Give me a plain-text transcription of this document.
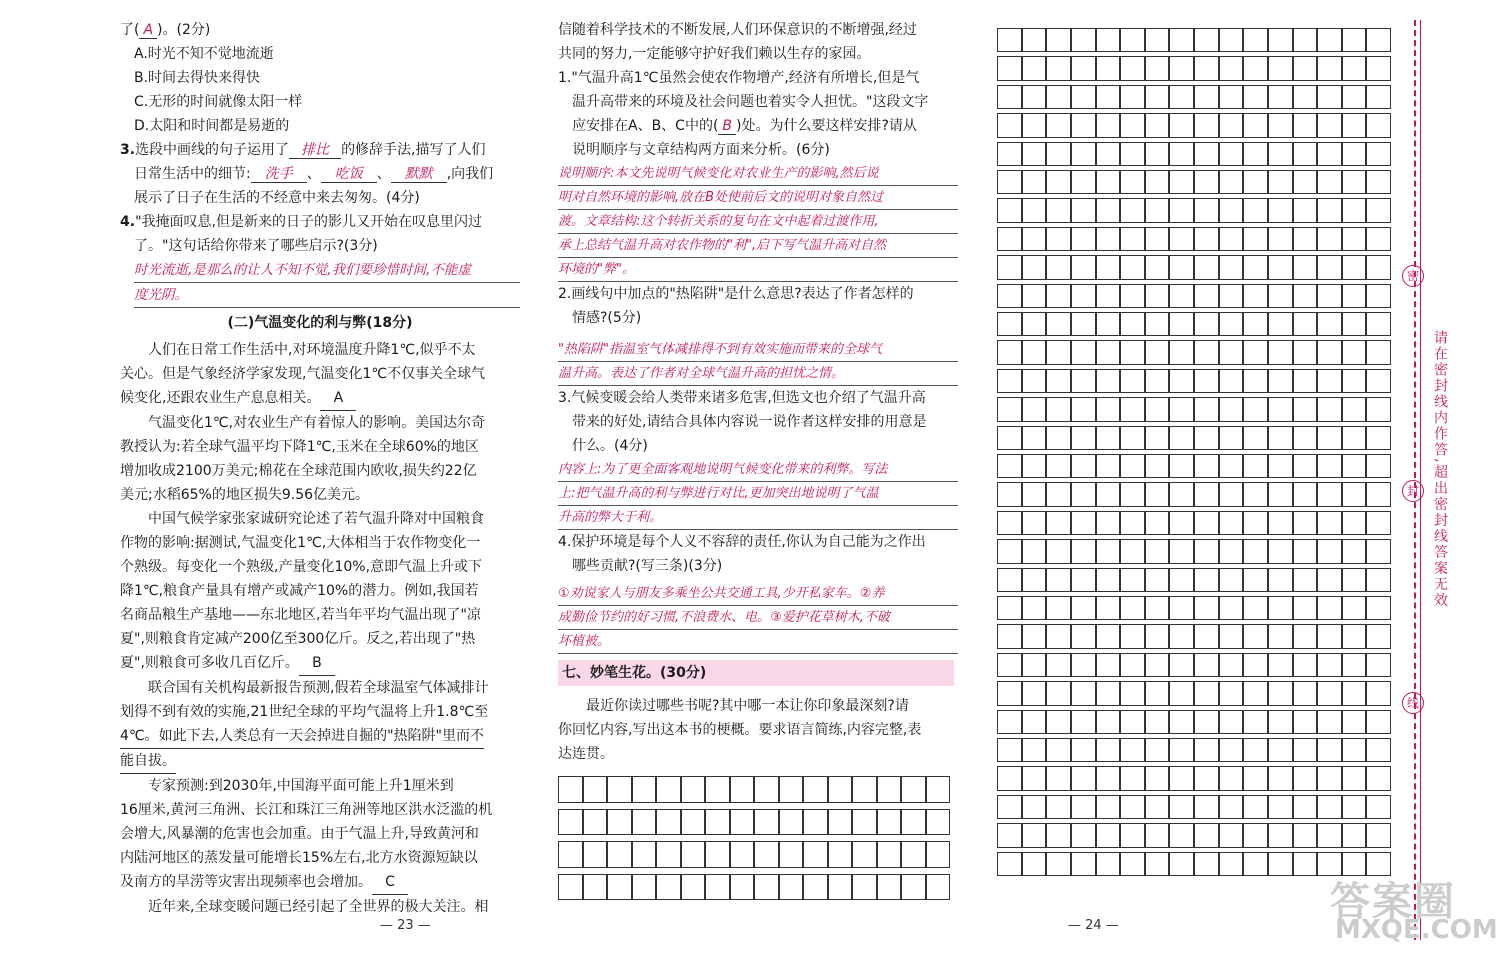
了( A )。(2分)

A.时光不知不觉地流逝

B.时间去得快来得快

C.无形的时间就像太阳一样

D.太阳和时间都是易逝的

3.选段中画线的句子运用了 排比 的修辞手法,描写了人们

日常生活中的细节: 洗手 、 吃饭 、 默默 ,向我们

展示了日子在生活的不经意中来去匆匆。(4分)

4."我掩面叹息,但是新来的日子的影儿又开始在叹息里闪过

了。"这句话给你带来了哪些启示?(3分)

时光流逝,是那么的让人不知不觉,我们要珍惜时间,不能虚

度光阴。

(二)气温变化的利与弊(18分)

人们在日常工作生活中,对环境温度升降1℃,似乎不太

关心。但是气象经济学家发现,气温变化1℃不仅事关全球气

候变化,还跟农业生产息息相关。 A

气温变化1℃,对农业生产有着惊人的影响。美国达尔奇

教授认为:若全球气温平均下降1℃,玉米在全球60%的地区

增加收成2100万美元;棉花在全球范围内欧收,损失约22亿

美元;水稻65%的地区损失9.56亿美元。

中国气候学家张家诚研究论述了若气温升降对中国粮食

作物的影响:据测试,气温变化1℃,大体相当于农作物变化一

个熟级。每变化一个熟级,产量变化10%,意即气温上升或下

降1℃,粮食产量具有增产或减产10%的潜力。例如,我国若

名商品粮生产基地——东北地区,若当年平均气温出现了"凉

夏",则粮食肯定减产200亿至300亿斤。反之,若出现了"热

夏",则粮食可多收几百亿斤。 B

联合国有关机构最新报告预测,假若全球温室气体减排计

划得不到有效的实施,21世纪全球的平均气温将上升1.8℃至

4℃。如此下去,人类总有一天会掉进自掘的"热陷阱"里而不

能自拔。

专家预测:到2030年,中国海平面可能上升1厘米到

16厘米,黄河三角洲、长江和珠江三角洲等地区洪水泛滥的机

会增大,风暴潮的危害也会加重。由于气温上升,导致黄河和

内陆河地区的蒸发量可能增长15%左右,北方水资源短缺以

及南方的旱涝等灾害出现频率也会增加。 C

近年来,全球变暖问题已经引起了全世界的极大关注。相

— 23 —

信随着科学技术的不断发展,人们环保意识的不断增强,经过

共同的努力,一定能够守护好我们赖以生存的家园。

1."气温升高1℃虽然会使农作物增产,经济有所增长,但是气

温升高带来的环境及社会问题也着实令人担忧。"这段文字

应安排在A、B、C中的( B )处。为什么要这样安排?请从

说明顺序与文章结构两方面来分析。(6分)

说明顺序:本文先说明气候变化对农业生产的影响,然后说

明对自然环境的影响,放在B处使前后文的说明对象自然过

渡。文章结构:这个转折关系的复句在文中起着过渡作用,

承上总结气温升高对农作物的"利",启下写气温升高对自然

环境的"弊"。

2.画线句中加点的"热陷阱"是什么意思?表达了作者怎样的

情感?(5分)

"热陷阱"指温室气体减排得不到有效实施而带来的全球气

温升高。表达了作者对全球气温升高的担忧之情。

3.气候变暖会给人类带来诸多危害,但选文也介绍了气温升高

带来的好处,请结合具体内容说一说作者这样安排的用意是

什么。(4分)

内容上:为了更全面客观地说明气候变化带来的利弊。写法

上:把气温升高的利与弊进行对比,更加突出地说明了气温

升高的弊大于利。

4.保护环境是每个人义不容辞的责任,你认为自己能为之作出

哪些贡献?(写三条)(3分)

①劝说家人与朋友多乘坐公共交通工具,少开私家车。②养

成勤俭节约的好习惯,不浪费水、电。③爱护花草树木,不破

坏植被。

七、妙笔生花。(30分)

最近你读过哪些书呢?其中哪一本让你印象最深刻?请

你回忆内容,写出这本书的梗概。要求语言简练,内容完整,表

达连贯。

— 24 —
密
封
线
请在密封线内作答,超出密封线答案无效
答案圈
MXQE.COM
